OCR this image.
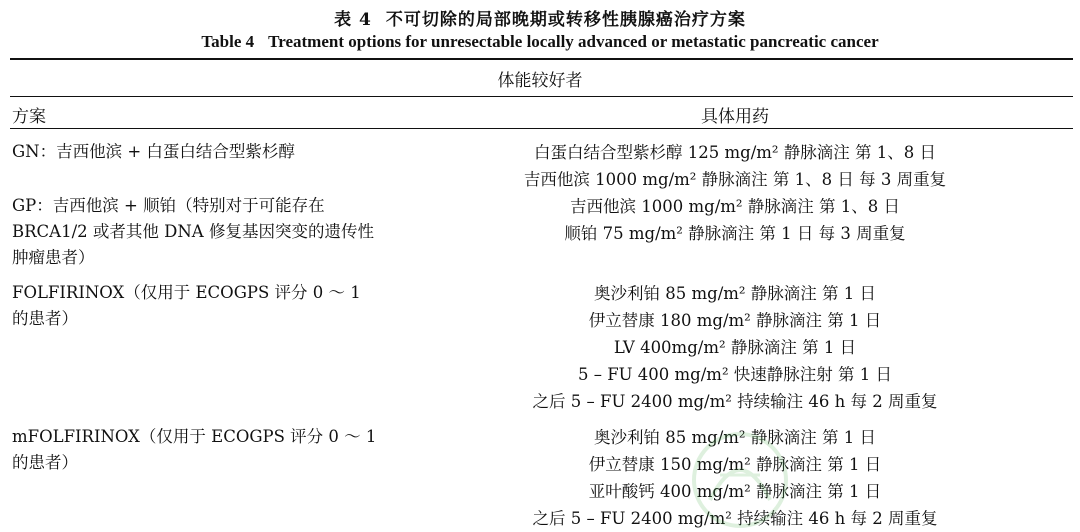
表 4 不可切除的局部晚期或转移性胰腺癌治疗方案
Table 4 Treatment options for unresectable locally advanced or metastatic pancreatic cancer
体能较好者
方案	具体用药
GN：吉西他滨 + 白蛋白结合型紫杉醇	白蛋白结合型紫杉醇 125 mg/m² 静脉滴注 第 1、8 日
吉西他滨 1000 mg/m² 静脉滴注 第 1、8 日 每 3 周重复
GP：吉西他滨 + 顺铂（特别对于可能存在 BRCA1/2 或者其他 DNA 修复基因突变的遗传性肿瘤患者）
吉西他滨 1000 mg/m² 静脉滴注 第 1、8 日
顺铂 75 mg/m² 静脉滴注 第 1 日 每 3 周重复
FOLFIRINOX（仅用于 ECOGPS 评分 0 ～ 1 的患者）
奥沙利铂 85 mg/m² 静脉滴注 第 1 日
伊立替康 180 mg/m² 静脉滴注 第 1 日
LV 400mg/m² 静脉滴注 第 1 日
5 – FU 400 mg/m² 快速静脉注射 第 1 日
之后 5 – FU 2400 mg/m² 持续输注 46 h 每 2 周重复
mFOLFIRINOX（仅用于 ECOGPS 评分 0 ～ 1 的患者）
奥沙利铂 85 mg/m² 静脉滴注 第 1 日
伊立替康 150 mg/m² 静脉滴注 第 1 日
亚叶酸钙 400 mg/m² 静脉滴注 第 1 日
之后 5 – FU 2400 mg/m² 持续输注 46 h 每 2 周重复
